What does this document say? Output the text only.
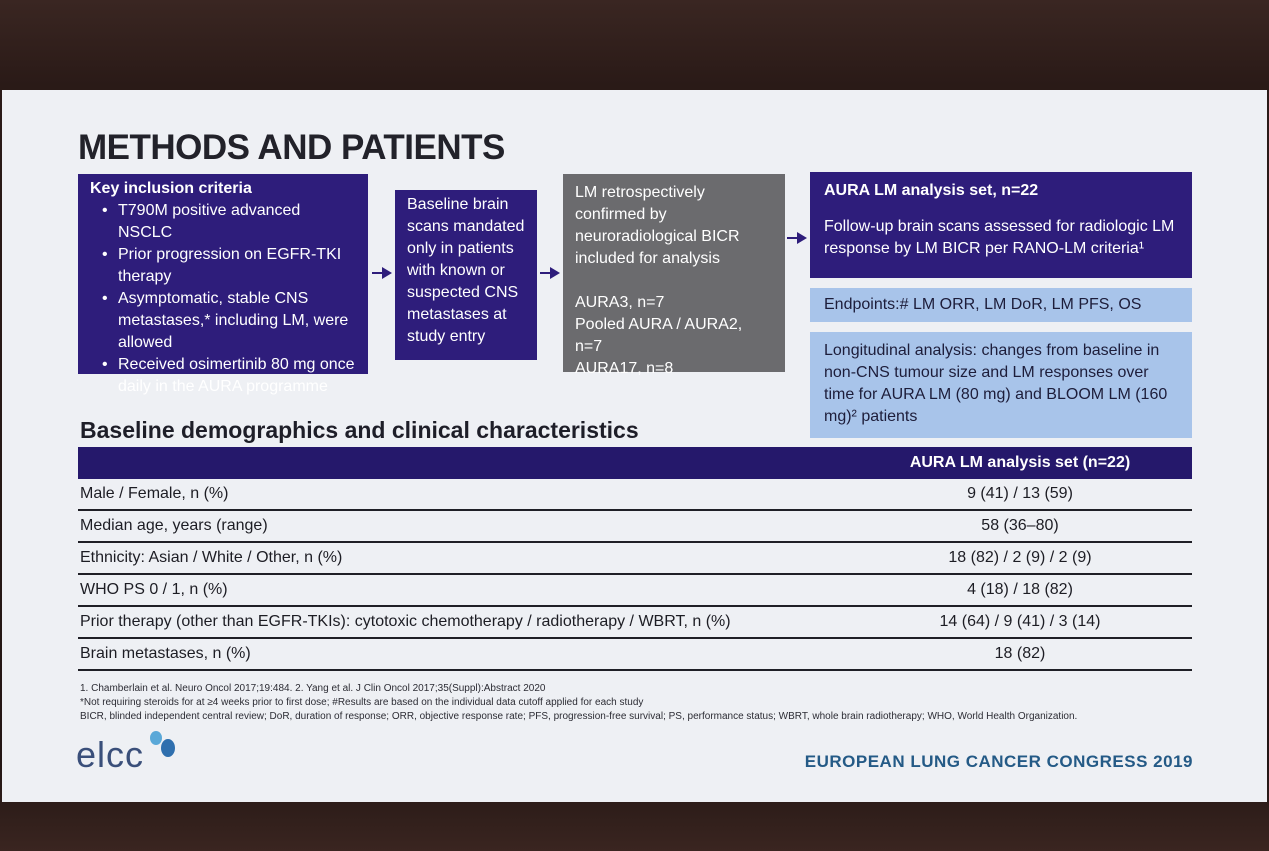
METHODS AND PATIENTS
Key inclusion criteria
• T790M positive advanced NSCLC
• Prior progression on EGFR-TKI therapy
• Asymptomatic, stable CNS metastases,* including LM, were allowed
• Received osimertinib 80 mg once daily in the AURA programme
Baseline brain scans mandated only in patients with known or suspected CNS metastases at study entry
LM retrospectively confirmed by neuroradiological BICR included for analysis
AURA3, n=7
Pooled AURA / AURA2, n=7
AURA17, n=8
AURA LM analysis set, n=22
Follow-up brain scans assessed for radiologic LM response by LM BICR per RANO-LM criteria¹
Endpoints:# LM ORR, LM DoR, LM PFS, OS
Longitudinal analysis: changes from baseline in non-CNS tumour size and LM responses over time for AURA LM (80 mg) and BLOOM LM (160 mg)² patients
Baseline demographics and clinical characteristics
AURA LM analysis set (n=22)
Male / Female, n (%)	9 (41) / 13 (59)
Median age, years (range)	58 (36–80)
Ethnicity: Asian / White / Other, n (%)	18 (82) / 2 (9) / 2 (9)
WHO PS 0 / 1, n (%)	4 (18) / 18 (82)
Prior therapy (other than EGFR-TKIs): cytotoxic chemotherapy / radiotherapy / WBRT, n (%)	14 (64) / 9 (41) / 3 (14)
Brain metastases, n (%)	18 (82)

1. Chamberlain et al. Neuro Oncol 2017;19:484. 2. Yang et al. J Clin Oncol 2017;35(Suppl):Abstract 2020

*Not requiring steroids for at ≥4 weeks prior to first dose; #Results are based on the individual data cutoff applied for each study

BICR, blinded independent central review; DoR, duration of response; ORR, objective response rate; PFS, progression-free survival; PS, performance status; WBRT, whole brain radiotherapy; WHO, World Health Organization.

elcc	EUROPEAN LUNG CANCER CONGRESS 2019
